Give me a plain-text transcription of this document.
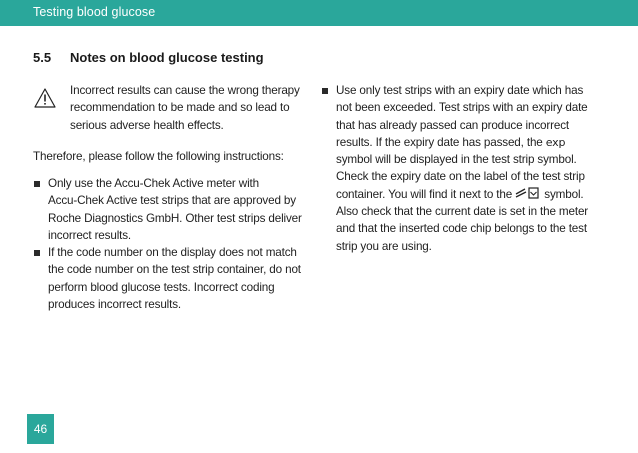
Testing blood glucose
5.5 Notes on blood glucose testing
Incorrect results can cause the wrong therapy
recommendation to be made and so lead to
serious adverse health effects.
Therefore, please follow the following instructions:
Only use the Accu-Chek Active meter with
Accu-Chek Active test strips that are approved by
Roche Diagnostics GmbH. Other test strips deliver
incorrect results.
If the code number on the display does not match
the code number on the test strip container, do not
perform blood glucose tests. Incorrect coding
produces incorrect results.
Use only test strips with an expiry date which has
not been exceeded. Test strips with an expiry date
that has already passed can produce incorrect
results. If the expiry date has passed, the exp
symbol will be displayed in the test strip symbol.
Check the expiry date on the label of the test strip
container. You will find it next to the  symbol.
Also check that the current date is set in the meter
and that the inserted code chip belongs to the test
strip you are using.
46
